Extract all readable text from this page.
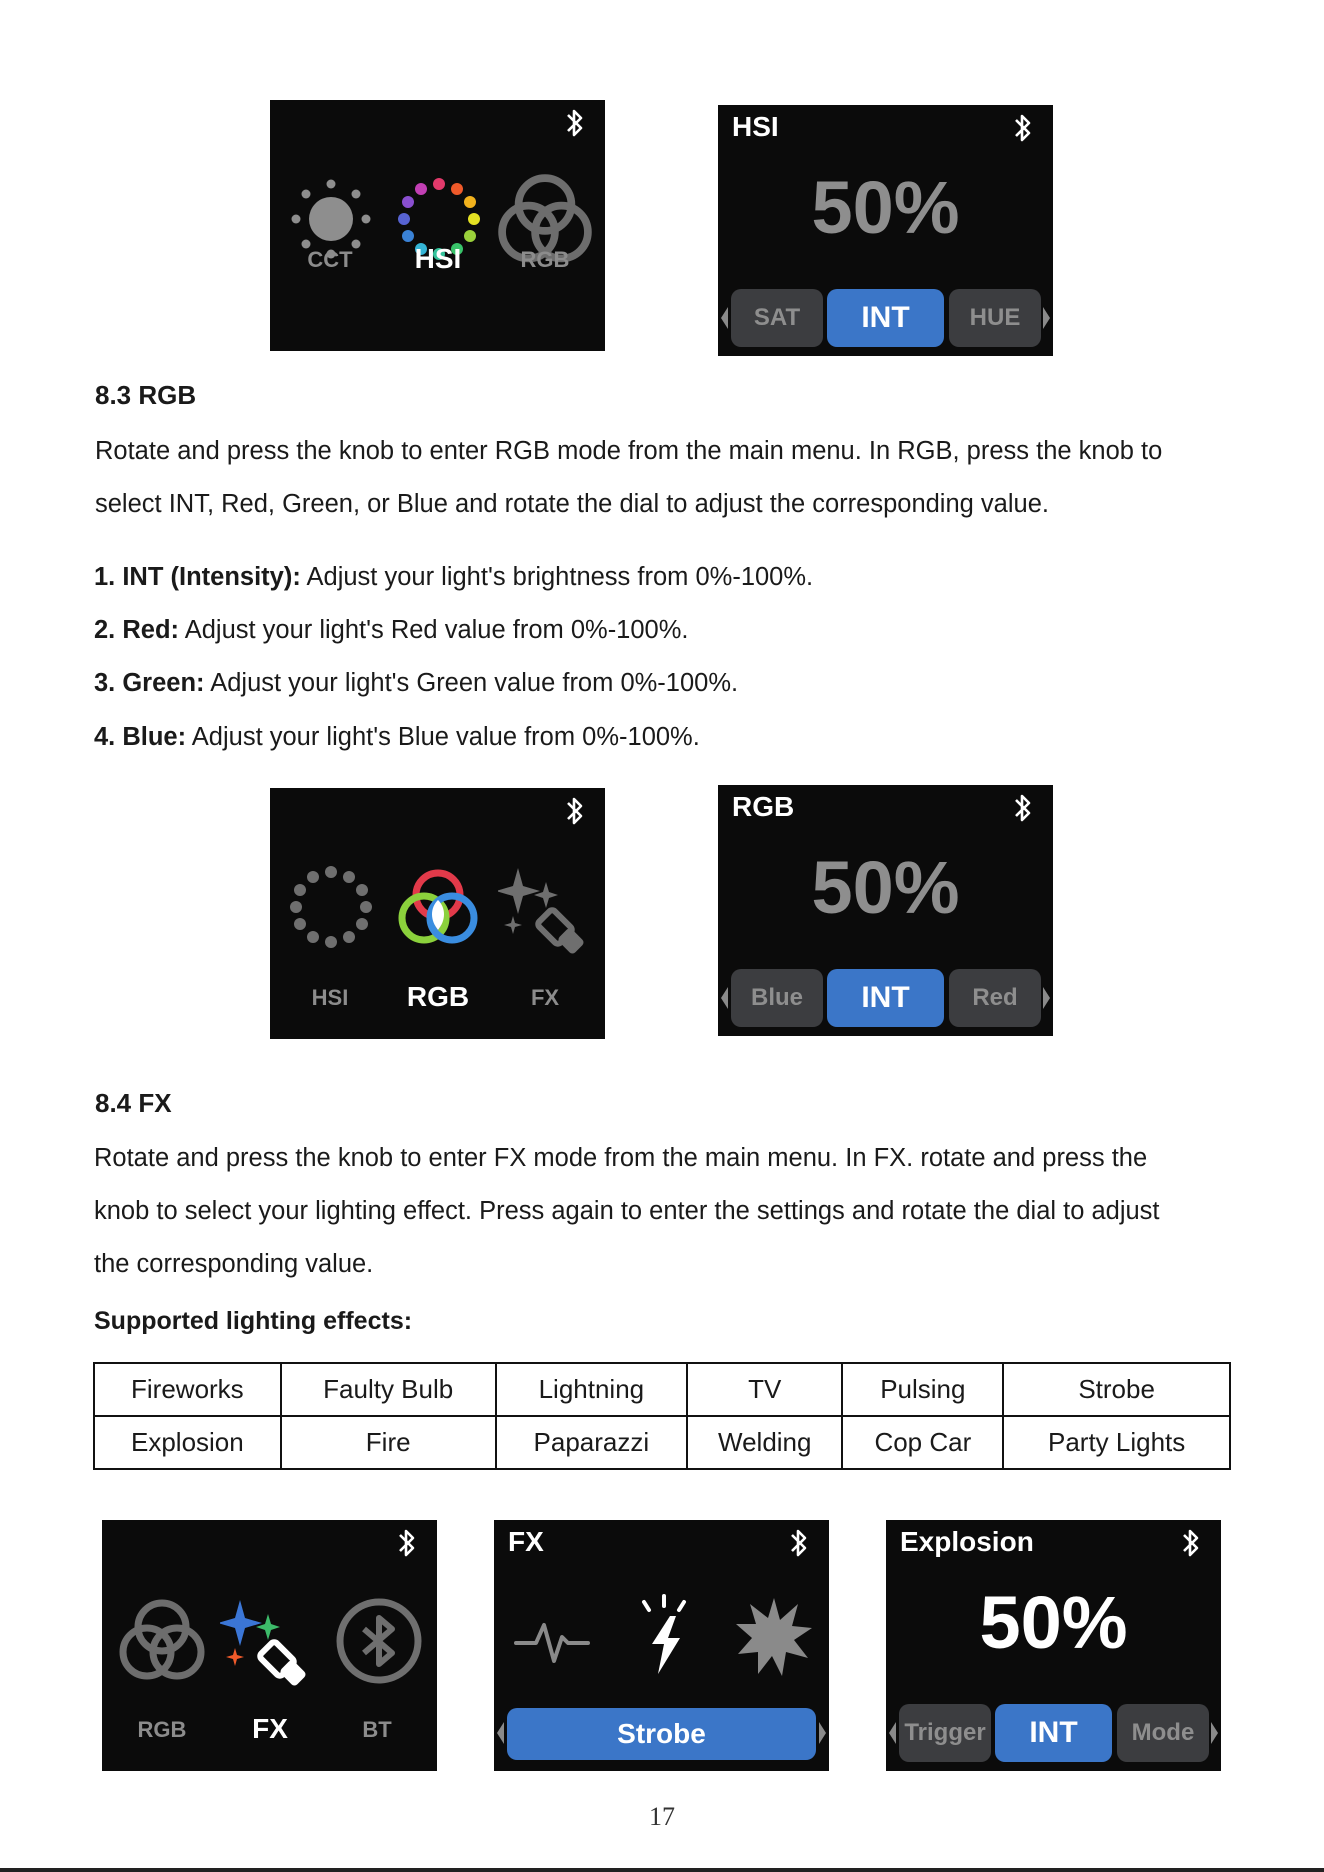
CCT	HSI	RGB
HSI
50%
SAT	INT	HUE
8.3 RGB

Rotate and press the knob to enter RGB mode from the main menu. In RGB, press the knob to

select INT, Red, Green, or Blue and rotate the dial to adjust the corresponding value.

1. INT (Intensity): Adjust your light's brightness from 0%-100%.

2. Red: Adjust your light's Red value from 0%-100%.

3. Green: Adjust your light's Green value from 0%-100%.

4. Blue: Adjust your light's Blue value from 0%-100%.

HSI	RGB	FX
RGB
50%
Blue	INT	Red
8.4 FX

Rotate and press the knob to enter FX mode from the main menu. In FX. rotate and press the

knob to select your lighting effect. Press again to enter the settings and rotate the dial to adjust

the corresponding value.

Supported lighting effects:
Fireworks	Faulty Bulb	Lightning	TV	Pulsing	Strobe
Explosion	Fire	Paparazzi	Welding	Cop Car	Party Lights
RGB	FX	BT
FX
Strobe
Explosion
50%
Trigger	INT	Mode
17
